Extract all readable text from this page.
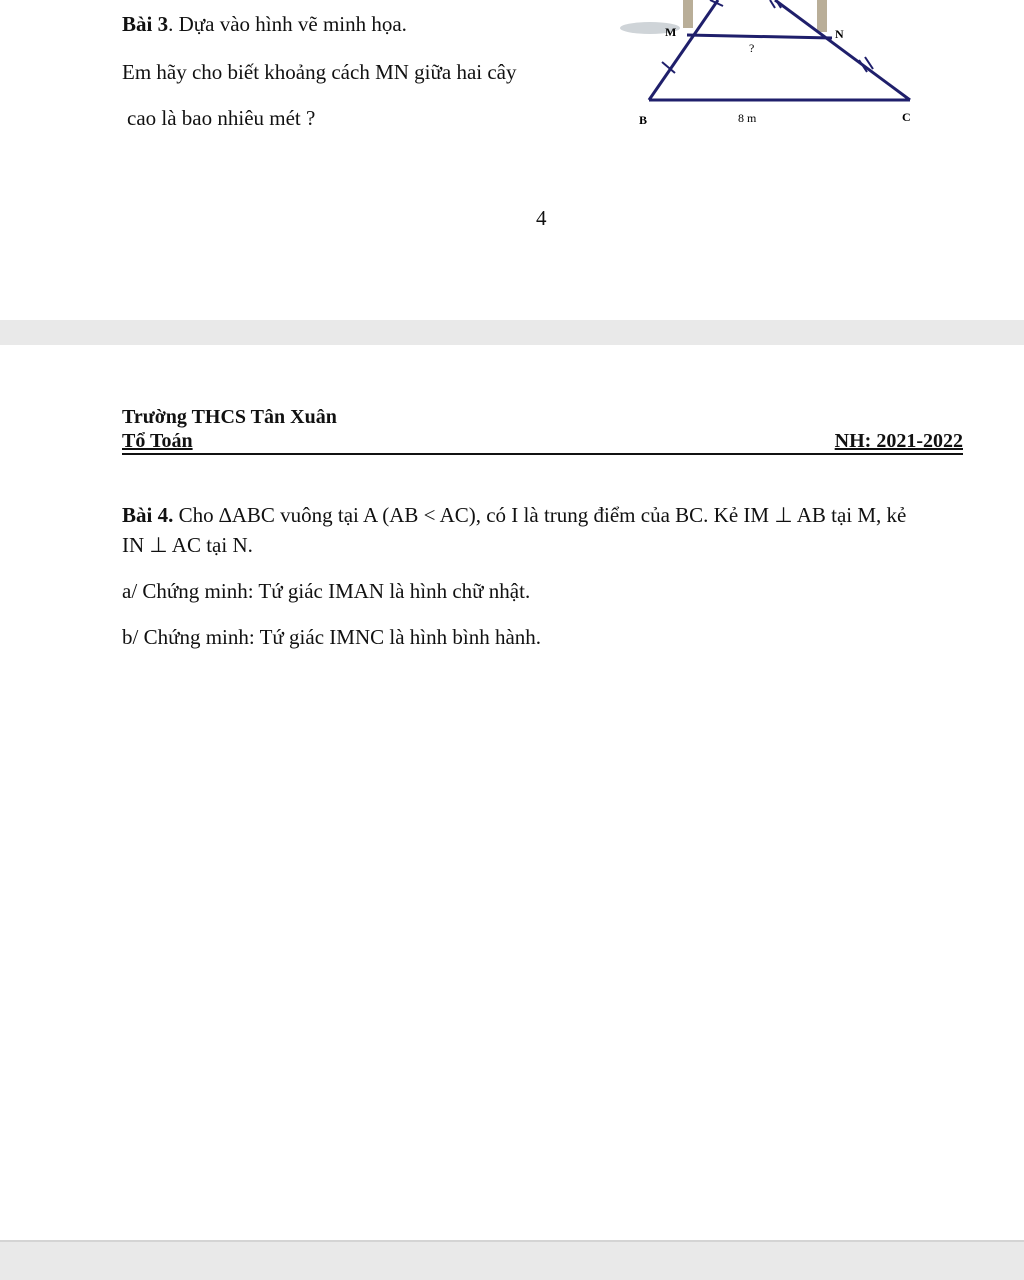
Bài 3. Dựa vào hình vẽ minh họa.
Em hãy cho biết khoảng cách MN giữa hai cây
cao là bao nhiêu mét ?
M	N
?
B	8 m	C
4
Trường THCS Tân Xuân
Tổ Toán	NH: 2021-2022
Bài 4. Cho ∆ABC vuông tại A (AB < AC), có I là trung điểm của BC. Kẻ IM ⊥ AB tại M, kẻ
IN ⊥ AC tại N.
a/ Chứng minh: Tứ giác IMAN là hình chữ nhật.
b/ Chứng minh: Tứ giác IMNC là hình bình hành.
